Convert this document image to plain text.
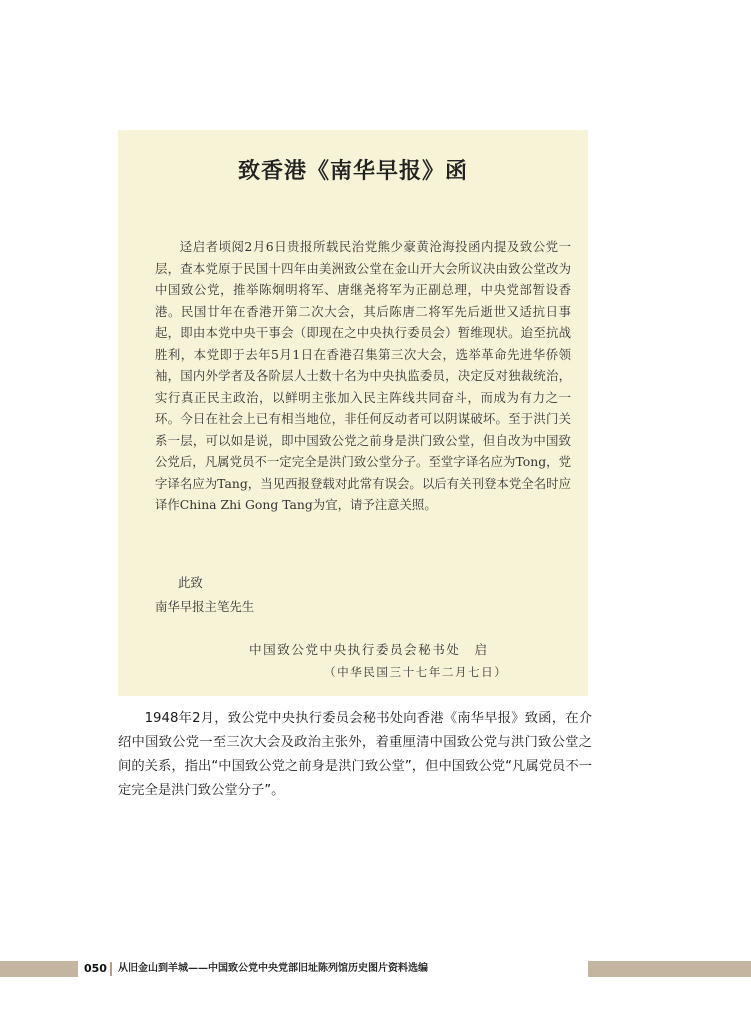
致香港《南华早报》函

迳启者顷阅2月6日贵报所载民治党熊少豪黄沧海投函内提及致公党一层，查本党原于民国十四年由美洲致公堂在金山开大会所议决由致公堂改为中国致公党，推举陈炯明将军、唐继尧将军为正副总理，中央党部暂设香港。民国廿年在香港开第二次大会，其后陈唐二将军先后逝世又适抗日事起，即由本党中央干事会（即现在之中央执行委员会）暂维现状。迨至抗战胜利，本党即于去年5月1日在香港召集第三次大会，选举革命先进华侨领袖，国内外学者及各阶层人士数十名为中央执监委员，决定反对独裁统治，实行真正民主政治，以鲜明主张加入民主阵线共同奋斗，而成为有力之一环。今日在社会上已有相当地位，非任何反动者可以阴谋破坏。至于洪门关系一层，可以如是说，即中国致公党之前身是洪门致公堂，但自改为中国致公党后，凡属党员不一定完全是洪门致公堂分子。至堂字译名应为Tong，党字译名应为Tang，当见西报登载对此常有误会。以后有关刊登本党全名时应译作China Zhi Gong Tang为宜，请予注意关照。

此致
南华早报主笔先生
中国致公党中央执行委员会秘书处　启
（中华民国三十七年二月七日）

1948年2月，致公党中央执行委员会秘书处向香港《南华早报》致函，在介绍中国致公党一至三次大会及政治主张外，着重厘清中国致公党与洪门致公堂之间的关系，指出“中国致公党之前身是洪门致公堂”，但中国致公党“凡属党员不一定完全是洪门致公堂分子”。

050 从旧金山到羊城——中国致公党中央党部旧址陈列馆历史图片资料选编
